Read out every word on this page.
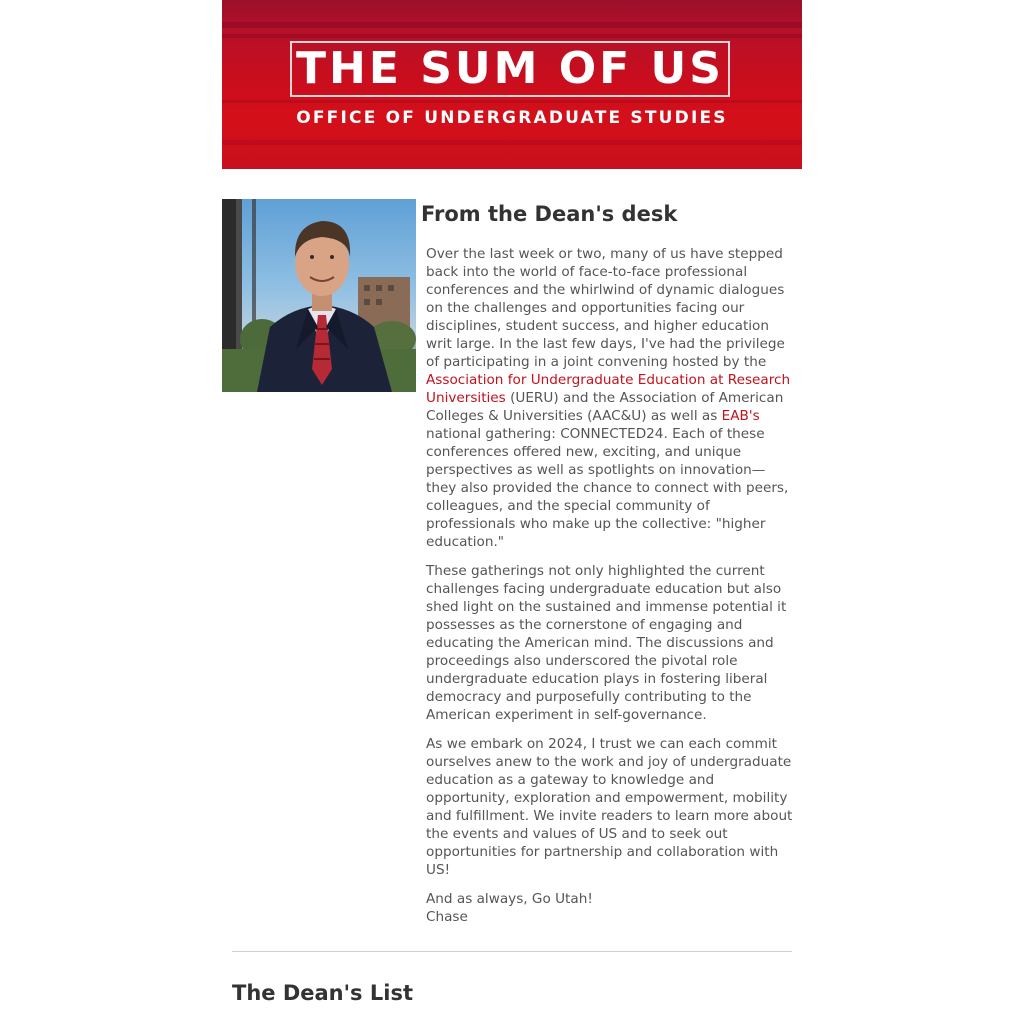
THE SUM OF US
OFFICE OF UNDERGRADUATE STUDIES
From the Dean's desk

Over the last week or two, many of us have stepped back into the world of face-to-face professional conferences and the whirlwind of dynamic dialogues on the challenges and opportunities facing our disciplines, student success, and higher education writ large. In the last few days, I've had the privilege of participating in a joint convening hosted by the Association for Undergraduate Education at Research Universities (UERU) and the Association of American Colleges & Universities (AAC&U) as well as EAB's national gathering: CONNECTED24. Each of these conferences offered new, exciting, and unique perspectives as well as spotlights on innovation—they also provided the chance to connect with peers, colleagues, and the special community of professionals who make up the collective: "higher education."

These gatherings not only highlighted the current challenges facing undergraduate education but also shed light on the sustained and immense potential it possesses as the cornerstone of engaging and educating the American mind. The discussions and proceedings also underscored the pivotal role undergraduate education plays in fostering liberal democracy and purposefully contributing to the American experiment in self-governance.

As we embark on 2024, I trust we can each commit ourselves anew to the work and joy of undergraduate education as a gateway to knowledge and opportunity, exploration and empowerment, mobility and fulfillment. We invite readers to learn more about the events and values of US and to seek out opportunities for partnership and collaboration with US!

And as always, Go Utah!
Chase

The Dean's List
